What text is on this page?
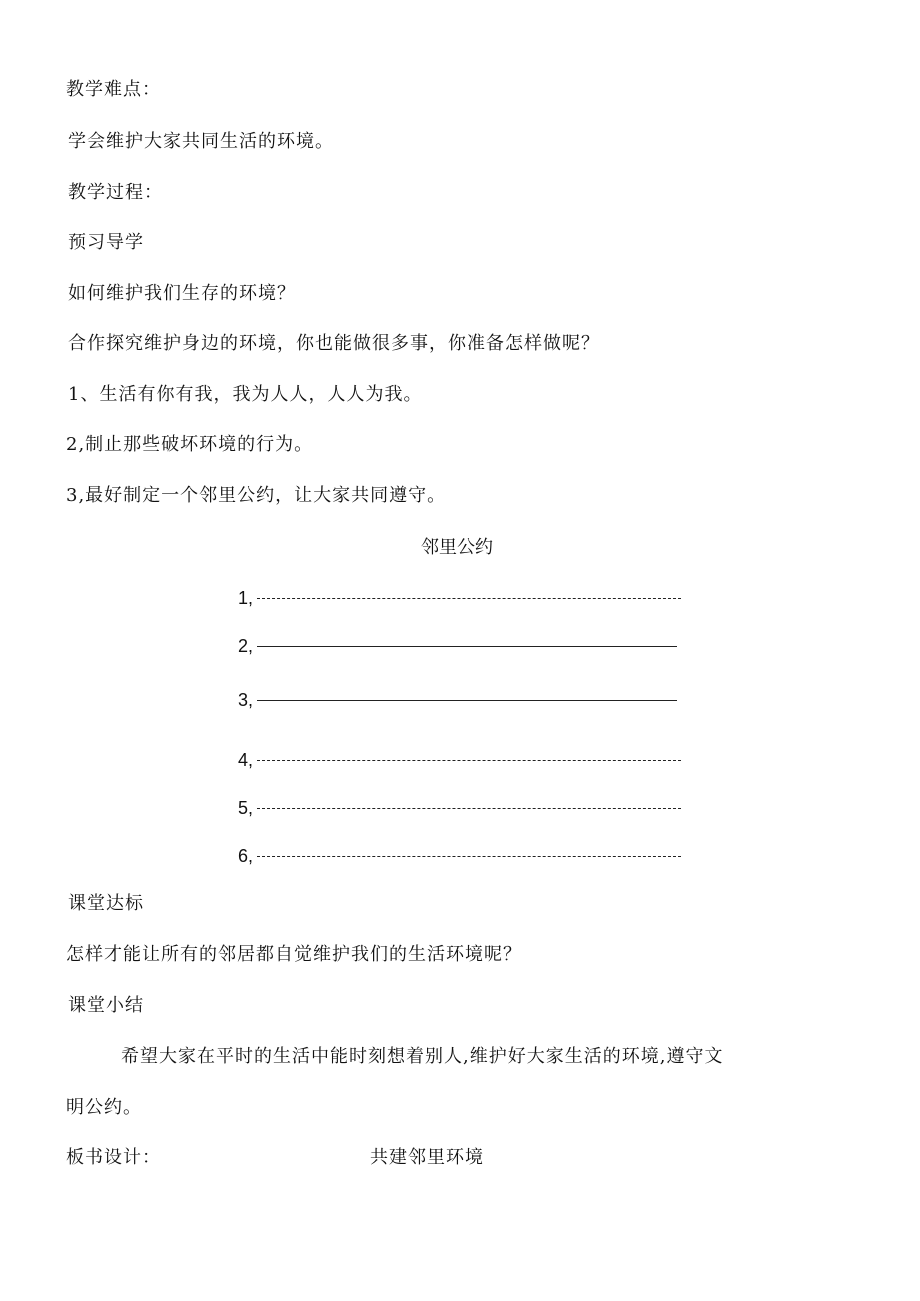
教学难点：
学会维护大家共同生活的环境。
教学过程：
预习导学
如何维护我们生存的环境？
合作探究维护身边的环境，你也能做很多事，你准备怎样做呢？
1、生活有你有我，我为人人，人人为我。
2,制止那些破坏环境的行为。
3,最好制定一个邻里公约，让大家共同遵守。
邻里公约
1,
2,
3,
4,
5,
6,
课堂达标
怎样才能让所有的邻居都自觉维护我们的生活环境呢？
课堂小结
希望大家在平时的生活中能时刻想着别人,维护好大家生活的环境,遵守文
明公约。
板书设计：	共建邻里环境
